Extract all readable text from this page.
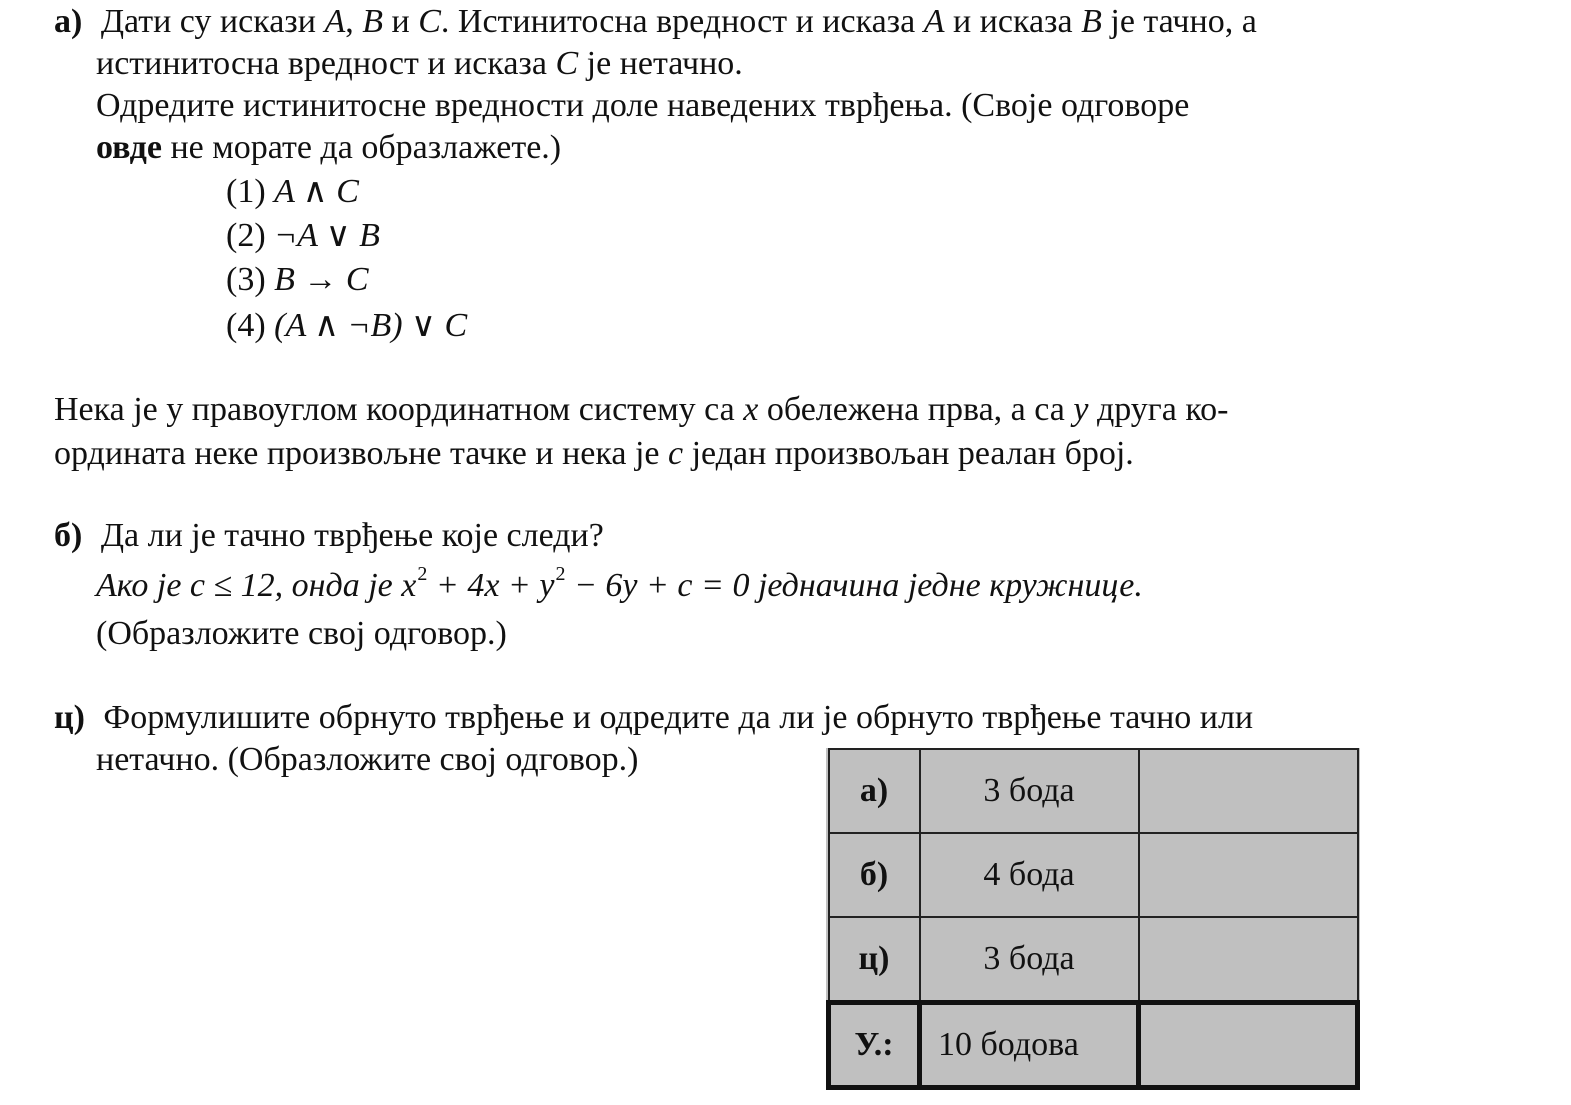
а) Дати су искази A, B и C. Истинитосна вредност и исказа A и исказа B је тачно, а
истинитосна вредност и исказа C је нетачно.
Одредите истинитосне вредности доле наведених тврђења. (Своје одговоре
овде не морате да образлажете.)
(1) A ∧ C
(2) ¬A ∨ B
(3) B → C
(4) (A ∧ ¬B) ∨ C
Нека је у правоуглом координатном систему са x обележена прва, а са y друга ко-
ордината неке произвољне тачке и нека је c један произвољан реалан број.
б) Да ли је тачно тврђење које следи?
Ако је c ≤ 12, онда је $x^2 + 4x + y^2 - 6y + c = 0$ једначина једне кружнице.
(Образложите свој одговор.)
ц) Формулишите обрнуто тврђење и одредите да ли је обрнуто тврђење тачно или
нетачно. (Образложите свој одговор.)
а)	3 бода	
б)	4 бода	
ц)	3 бода	
У.:	10 бодова	
